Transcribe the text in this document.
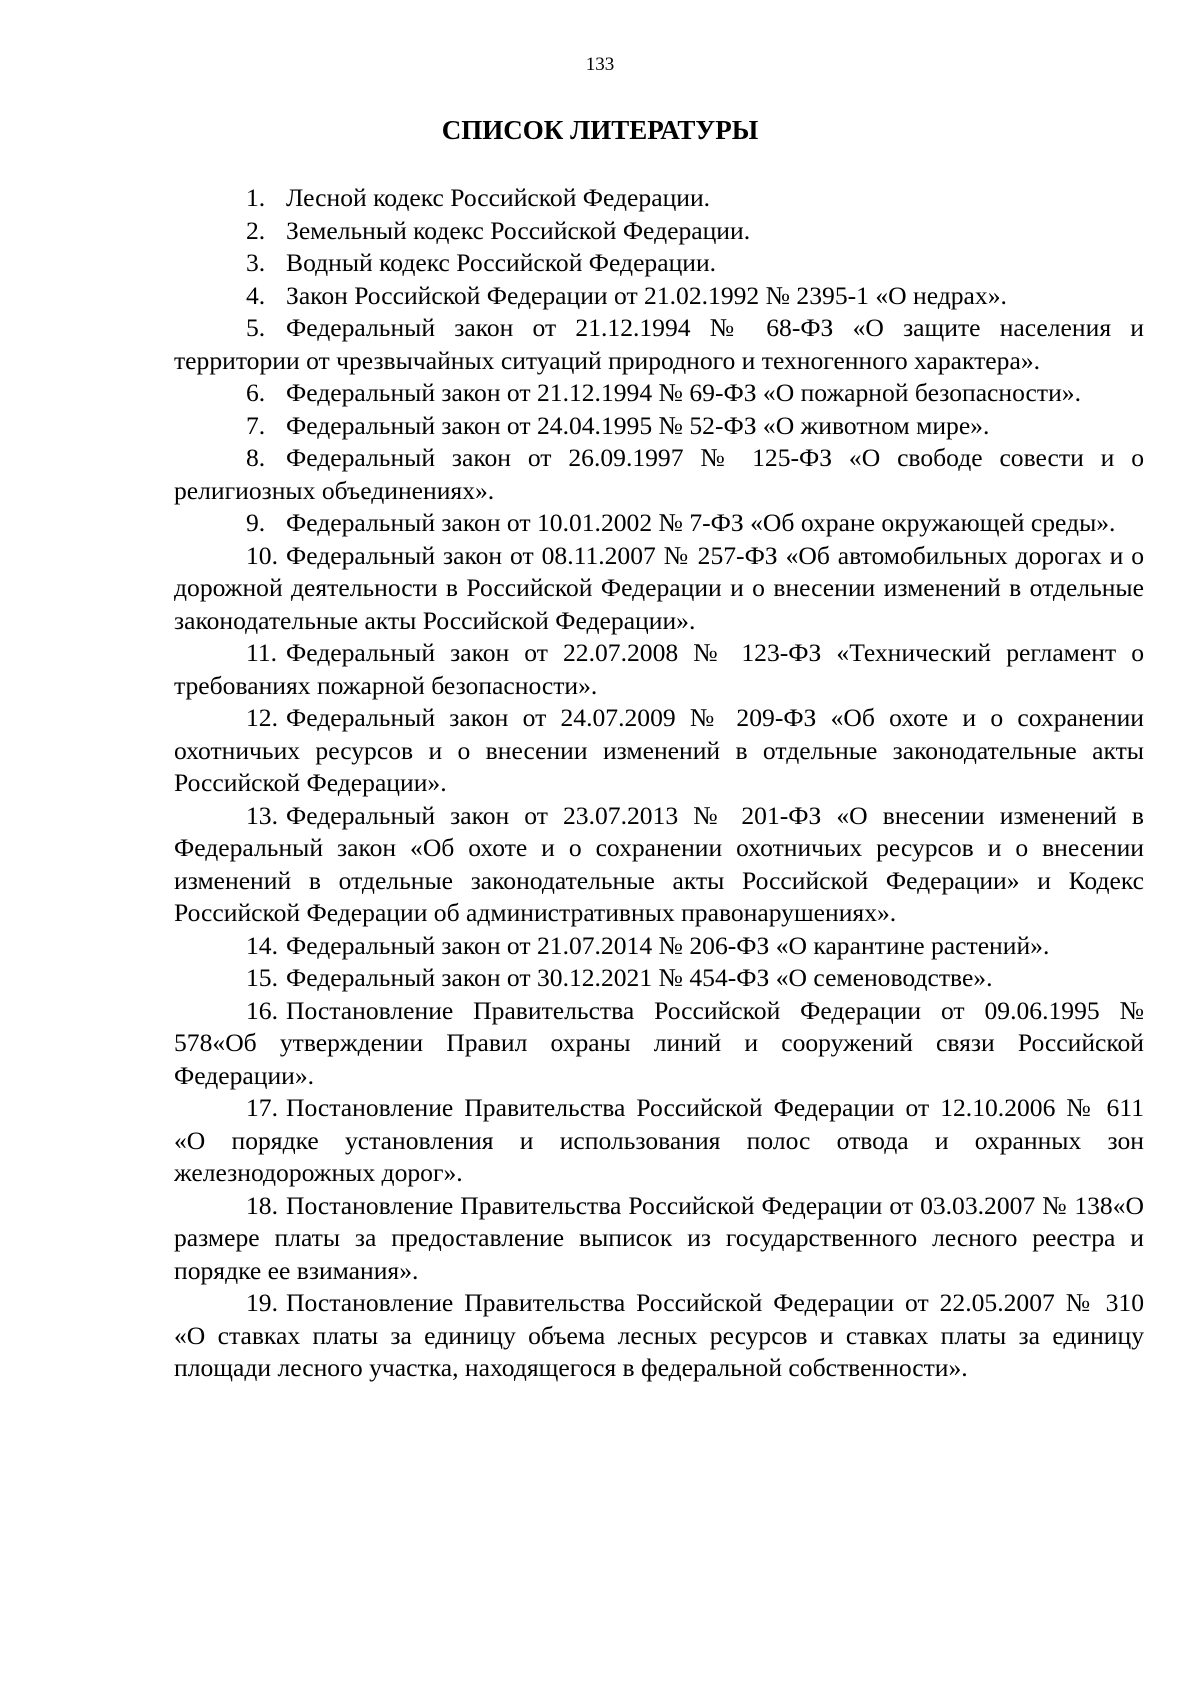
133
СПИСОК ЛИТЕРАТУРЫ
1. Лесной кодекс Российской Федерации.
2. Земельный кодекс Российской Федерации.
3. Водный кодекс Российской Федерации.
4. Закон Российской Федерации от 21.02.1992 № 2395-1 «О недрах».
5. Федеральный закон от 21.12.1994 № 68-ФЗ «О защите населения и территории от чрезвычайных ситуаций природного и техногенного характера».
6. Федеральный закон от 21.12.1994 № 69-ФЗ «О пожарной безопасности».
7. Федеральный закон от 24.04.1995 № 52-ФЗ «О животном мире».
8. Федеральный закон от 26.09.1997 № 125-ФЗ «О свободе совести и о религиозных объединениях».
9. Федеральный закон от 10.01.2002 № 7-ФЗ «Об охране окружающей среды».
10. Федеральный закон от 08.11.2007 № 257-ФЗ «Об автомобильных дорогах и о дорожной деятельности в Российской Федерации и о внесении изменений в отдельные законодательные акты Российской Федерации».
11. Федеральный закон от 22.07.2008 № 123-ФЗ «Технический регламент о требованиях пожарной безопасности».
12. Федеральный закон от 24.07.2009 № 209-ФЗ «Об охоте и о сохранении охотничьих ресурсов и о внесении изменений в отдельные законодательные акты Российской Федерации».
13. Федеральный закон от 23.07.2013 № 201-ФЗ «О внесении изменений в Федеральный закон «Об охоте и о сохранении охотничьих ресурсов и о внесении изменений в отдельные законодательные акты Российской Федерации» и Кодекс Российской Федерации об административных правонарушениях».
14. Федеральный закон от 21.07.2014 № 206-ФЗ «О карантине растений».
15. Федеральный закон от 30.12.2021 № 454-ФЗ «О семеноводстве».
16. Постановление Правительства Российской Федерации от 09.06.1995 № 578«Об утверждении Правил охраны линий и сооружений связи Российской Федерации».
17. Постановление Правительства Российской Федерации от 12.10.2006 № 611 «О порядке установления и использования полос отвода и охранных зон железнодорожных дорог».
18. Постановление Правительства Российской Федерации от 03.03.2007 № 138«О размере платы за предоставление выписок из государственного лесного реестра и порядке ее взимания».
19. Постановление Правительства Российской Федерации от 22.05.2007 № 310 «О ставках платы за единицу объема лесных ресурсов и ставках платы за единицу площади лесного участка, находящегося в федеральной собственности».
